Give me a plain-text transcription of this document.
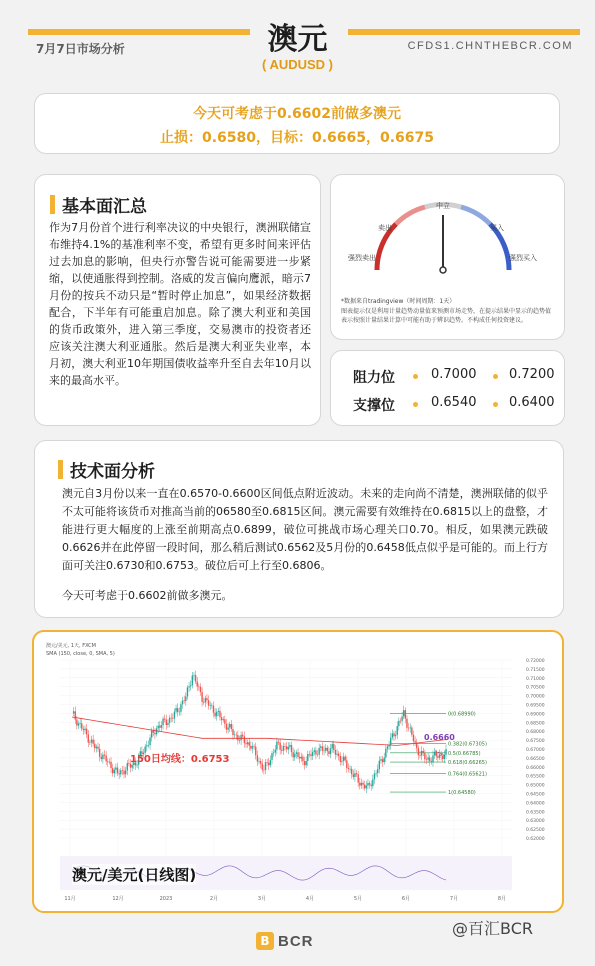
7月7日市场分析	CFDS1.CHNTHEBCR.COM
澳元
( AUDUSD )
今天可考虑于0.6602前做多澳元
止损：0.6580，目标：0.6665，0.6675
基本面汇总
作为7月份首个进行利率决议的中央银行，澳洲联储宣布维持4.1%的基准利率不变，希望有更多时间来评估过去加息的影响，但央行亦警告说可能需要进一步紧缩，以使通胀得到控制。洛威的发言偏向鹰派，暗示7月份的按兵不动只是“暂时停止加息”，如果经济数据配合，下半年有可能重启加息。除了澳大利亚和美国的货币政策外，进入第三季度，交易澳市的投资者还应该关注澳大利亚通胀。然后是澳大利亚失业率，本月初，澳大利亚10年期国债收益率升至自去年10月以来的最高水平。
中立
卖出	买入
强烈卖出	强烈买入
*数据来自tradingview（时间周期：1天）
图表提示仅是利用计量趋势动量值来预测市场走势，在提示结果中显示的趋势值表示按照计量结果计算中可能有助于辨识趋势。不构成任何投资建议。
阻力位	0.7000	0.7200
支撑位	0.6540	0.6400
技术面分析
澳元自3月份以来一直在0.6570-0.6600区间低点附近波动。未来的走向尚不清楚，澳洲联储的似乎不太可能将该货币对推高当前的06580至0.6815区间。澳元需要有效维持在0.6815以上的盘整，才能进行更大幅度的上涨至前期高点0.6899，破位可挑战市场心理关口0.70。相反，如果澳元跌破0.6626并在此停留一段时间，那么稍后测试0.6562及5月份的0.6458低点似乎是可能的。而上行方面可关注0.6730和0.6753。破位后可上行至0.6806。
今天可考虑于0.6602前做多澳元。
澳元/美元, 1天, FXCM
SMA (150, close, 0, SMA, 5)
0(0.68990)
0.382(0.67305)
0.5(0.66785)
0.618(0.66265)
0.764(0.65621)
1(0.64580)
0.72000
0.71500
0.71000
0.70500
0.70000
0.69500
0.69000
0.68500
0.68000
0.67500
0.67000
0.66500
0.66000
0.65500
0.65000
0.64500
0.64000
0.63500
0.63000
0.62500
0.62000
11月	12月	2023	2月	3月	4月	5月	6月	7月	8月
150日均线：0.6753
0.6660
澳元/美元(日线图)
B BCR
@百汇BCR
